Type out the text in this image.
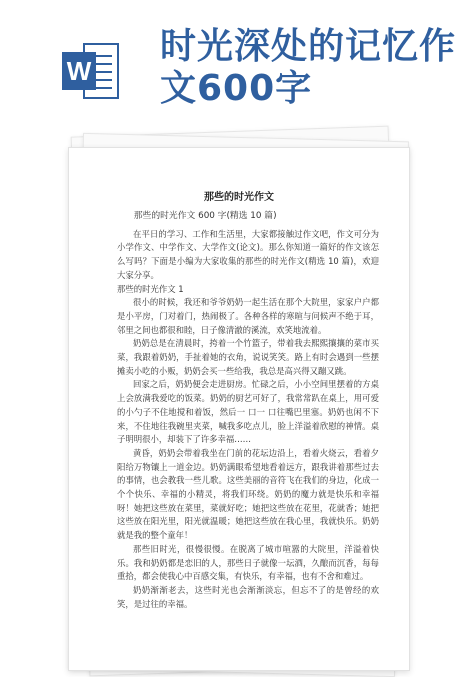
W
时光深处的记忆作
文600字
那些的时光作文

那些的时光作文 600 字(精选 10 篇)

在平日的学习、工作和生活里，大家都接触过作文吧，作文可分为小学作文、中学作文、大学作文(论文)。那么你知道一篇好的作文该怎么写吗？下面是小编为大家收集的那些的时光作文(精选 10 篇)，欢迎大家分享。

那些的时光作文 1

很小的时候，我还和爷爷奶奶一起生活在那个大院里，家家户户都是小平房，门对着门，热闹极了。各种各样的寒暄与问候声不绝于耳，邻里之间也都很和睦，日子像清澈的溪流，欢笑地流着。

奶奶总是在清晨时，挎着一个竹篮子，带着我去熙熙攘攘的菜市买菜，我跟着奶奶，手扯着她的衣角，说说笑笑。路上有时会遇到一些摆摊卖小吃的小贩，奶奶会买一些给我，我总是高兴得又蹦又跳。

回家之后，奶奶便会走进厨房。忙碌之后，小小空间里摆着的方桌上会放满我爱吃的饭菜。奶奶的厨艺可好了，我常常趴在桌上，用可爱的小勺子不住地搅和着饭，然后一 口一 口往嘴巴里塞。奶奶也闲不下来，不住地往我碗里夹菜，喊我多吃点儿，脸上洋溢着欣慰的神情。桌子明明很小，却装下了许多幸福……

黄昏，奶奶会带着我坐在门前的花坛边沿上，看着火烧云，看着夕阳给万物镶上一道金边。奶奶满眼希望地看着远方，跟我讲着那些过去的事情，也会教我一些儿歌。这些美丽的音符飞在我们的身边，化成一个个快乐、幸福的小精灵，将我们环绕。奶奶的魔力就是快乐和幸福呀！她把这些放在菜里，菜就好吃；她把这些放在花里，花就香；她把这些放在阳光里，阳光就温暖；她把这些放在我心里，我就快乐。奶奶就是我的整个童年！

那些旧时光，很慢很慢。在脱离了城市喧嚣的大院里，洋溢着快乐。我和奶奶都是恋旧的人，那些日子就像一坛酒，久酿而沉香，每每重拾，都会使我心中百感交集，有快乐，有幸福，也有不舍和难过。

奶奶渐渐老去，这些时光也会渐渐淡忘，但忘不了的是曾经的欢笑，是过往的幸福。
